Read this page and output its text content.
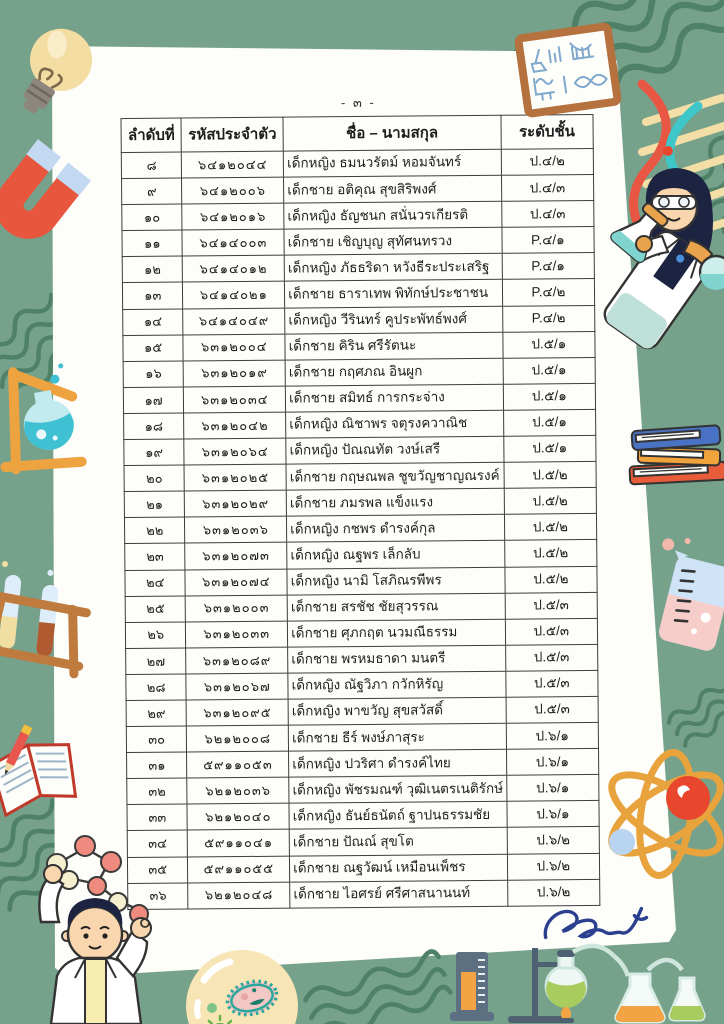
- ๓ -
ลำดับที่	รหัสประจำตัว	ชื่อ – นามสกุล	ระดับชั้น
๘	๖๔๑๒๐๔๔	เด็กหญิง ธมนวรัตม์ หอมจันทร์	ป.๔/๒
๙	๖๔๑๒๐๐๖	เด็กชาย อติคุณ สุขสิริพงศ์	ป.๔/๓
๑๐	๖๔๑๒๐๑๖	เด็กหญิง ธัญชนก สนั่นวรเกียรติ	ป.๔/๓
๑๑	๖๔๑๔๐๐๓	เด็กชาย เชิญบุญ สุทัศนทรวง	P.๔/๑
๑๒	๖๔๑๔๐๑๒	เด็กหญิง ภัธธริดา หวังธีระประเสริฐ	P.๔/๑
๑๓	๖๔๑๔๐๒๑	เด็กชาย ธาราเทพ พิทักษ์ประชาชน	P.๔/๒
๑๔	๖๔๑๔๐๔๙	เด็กหญิง วีรินทร์ คูประพัทธ์พงศ์	P.๔/๒
๑๕	๖๓๑๒๐๐๔	เด็กชาย คิริน ศรีรัตนะ	ป.๕/๑
๑๖	๖๓๑๒๐๑๙	เด็กชาย กฤศภณ อินผูก	ป.๕/๑
๑๗	๖๓๑๒๐๓๔	เด็กชาย สมิทธ์ การกระจ่าง	ป.๕/๑
๑๘	๖๓๑๒๐๔๒	เด็กหญิง ณิชาพร จตุรงควาณิช	ป.๕/๑
๑๙	๖๓๑๒๐๖๔	เด็กหญิง ปัณณทัต วงษ์เสรี	ป.๕/๑
๒๐	๖๓๑๒๐๒๕	เด็กชาย กฤษณพล ชูขวัญชาญณรงค์	ป.๕/๒
๒๑	๖๓๑๒๐๒๙	เด็กชาย ภมรพล แข็งแรง	ป.๕/๒
๒๒	๖๓๑๒๐๓๖	เด็กหญิง กชพร ดำรงค์กุล	ป.๕/๒
๒๓	๖๓๑๒๐๗๓	เด็กหญิง ณฐพร เล็กลับ	ป.๕/๒
๒๔	๖๓๑๒๐๗๔	เด็กหญิง นามิ โสภิณรพีพร	ป.๕/๒
๒๕	๖๓๑๒๐๐๓	เด็กชาย สรชัช ชัยสุวรรณ	ป.๕/๓
๒๖	๖๓๑๒๐๓๓	เด็กชาย ศุภกฤต นวมณีธรรม	ป.๕/๓
๒๗	๖๓๑๒๐๘๙	เด็กชาย พรหมธาดา มนตรี	ป.๕/๓
๒๘	๖๓๑๒๐๖๗	เด็กหญิง ณัฐวิภา กวักหิรัญ	ป.๕/๓
๒๙	๖๓๑๒๐๙๕	เด็กหญิง พาขวัญ สุขสวัสดิ์	ป.๕/๓
๓๐	๖๒๑๒๐๐๘	เด็กชาย ธีร์ พงษ์ภาสุระ	ป.๖/๑
๓๑	๕๙๑๑๐๕๓	เด็กหญิง ปวริศา ดำรงค์ไทย	ป.๖/๑
๓๒	๖๒๑๒๐๓๖	เด็กหญิง พัชรมณฑ์ วุฒิเนตรเนติรักษ์	ป.๖/๑
๓๓	๖๒๑๒๐๔๐	เด็กหญิง ธันย์ธนัตถ์ ฐาปนธรรมชัย	ป.๖/๑
๓๔	๕๙๑๑๐๔๑	เด็กชาย ปัณณ์ สุขโต	ป.๖/๒
๓๕	๕๙๑๑๐๕๕	เด็กชาย ณฐวัฒน์ เหมือนเพ็ชร	ป.๖/๒
๓๖	๖๒๑๒๐๔๘	เด็กชาย ไอศรย์ ศรีศาสนานนท์	ป.๖/๒
